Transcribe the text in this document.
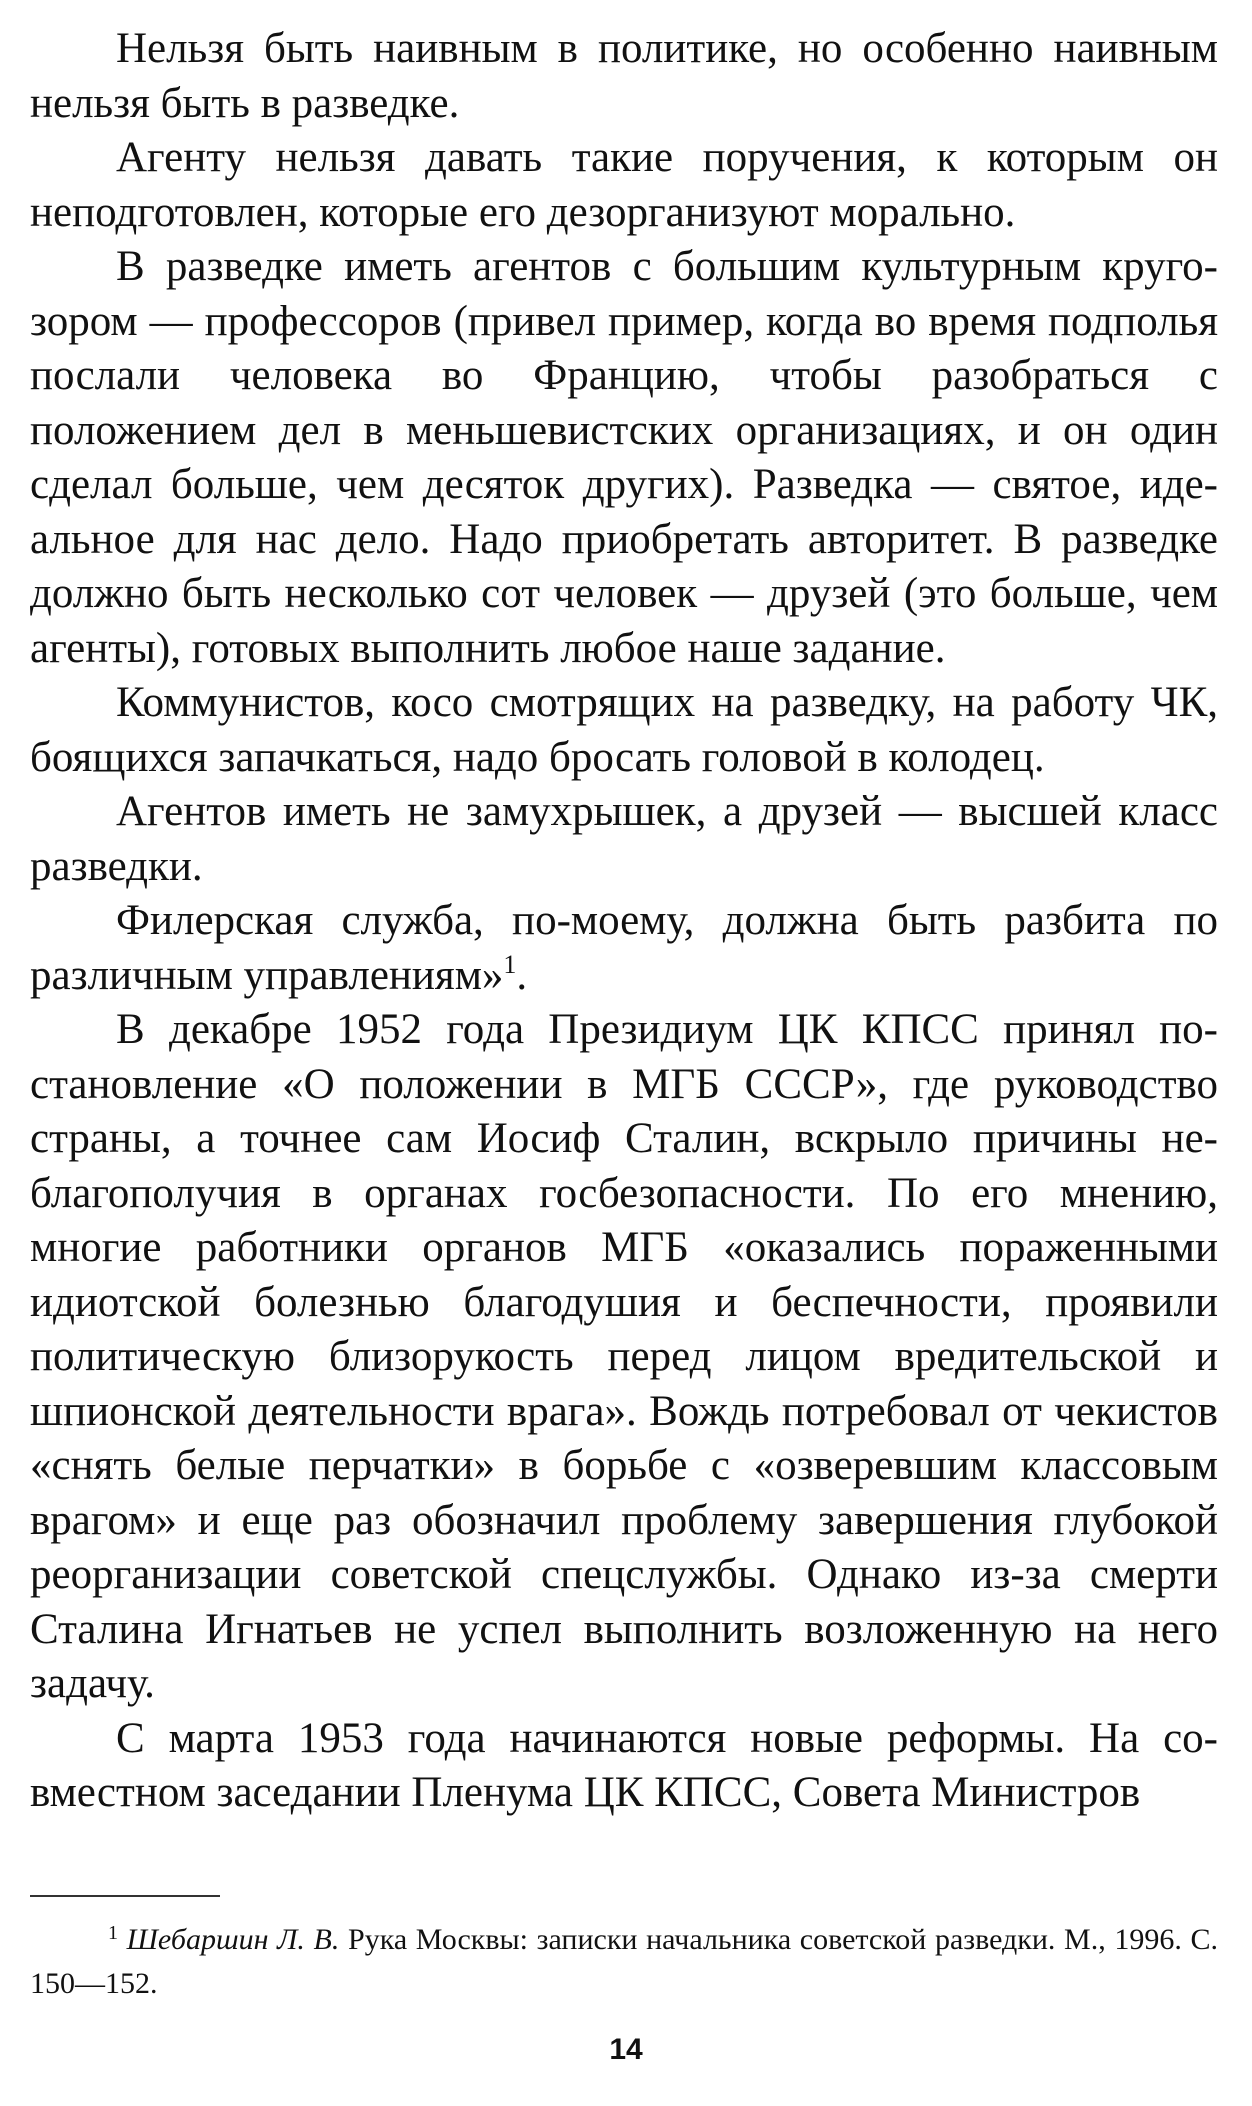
Нельзя быть наивным в политике, но особенно наивным нельзя быть в разведке.

Агенту нельзя давать такие поручения, к которым он неподготовлен, которые его дезорганизуют морально.

В разведке иметь агентов с большим культурным кругозором — профессоров (привел пример, когда во время подполья послали человека во Францию, чтобы разобраться с положением дел в меньшевистских организациях, и он один сделал больше, чем десяток других). Разведка — святое, идеальное для нас дело. Надо приобретать авторитет. В разведке должно быть несколько сот человек — друзей (это больше, чем агенты), готовых выполнить любое наше задание.

Коммунистов, косо смотрящих на разведку, на работу ЧК, боящихся запачкаться, надо бросать головой в колодец.

Агентов иметь не замухрышек, а друзей — высшей класс разведки.

Филерская служба, по-моему, должна быть разбита по различным управлениям»$^1$.

В декабре 1952 года Президиум ЦК КПСС принял постановление «О положении в МГБ СССР», где руководство страны, а точнее сам Иосиф Сталин, вскрыло причины неблагополучия в органах госбезопасности. По его мнению, многие работники органов МГБ «оказались пораженными идиотской болезнью благодушия и беспечности, проявили политическую близорукость перед лицом вредительской и шпионской деятельности врага». Вождь потребовал от чекистов «снять белые перчатки» в борьбе с «озверевшим классовым врагом» и еще раз обозначил проблему завершения глубокой реорганизации советской спецслужбы. Однако из-за смерти Сталина Игнатьев не успел выполнить возложенную на него задачу.

С марта 1953 года начинаются новые реформы. На совместном заседании Пленума ЦК КПСС, Совета Министров

$^1$ Шебаршин Л. В. Рука Москвы: записки начальника советской разведки. М., 1996. С. 150—152.
14
